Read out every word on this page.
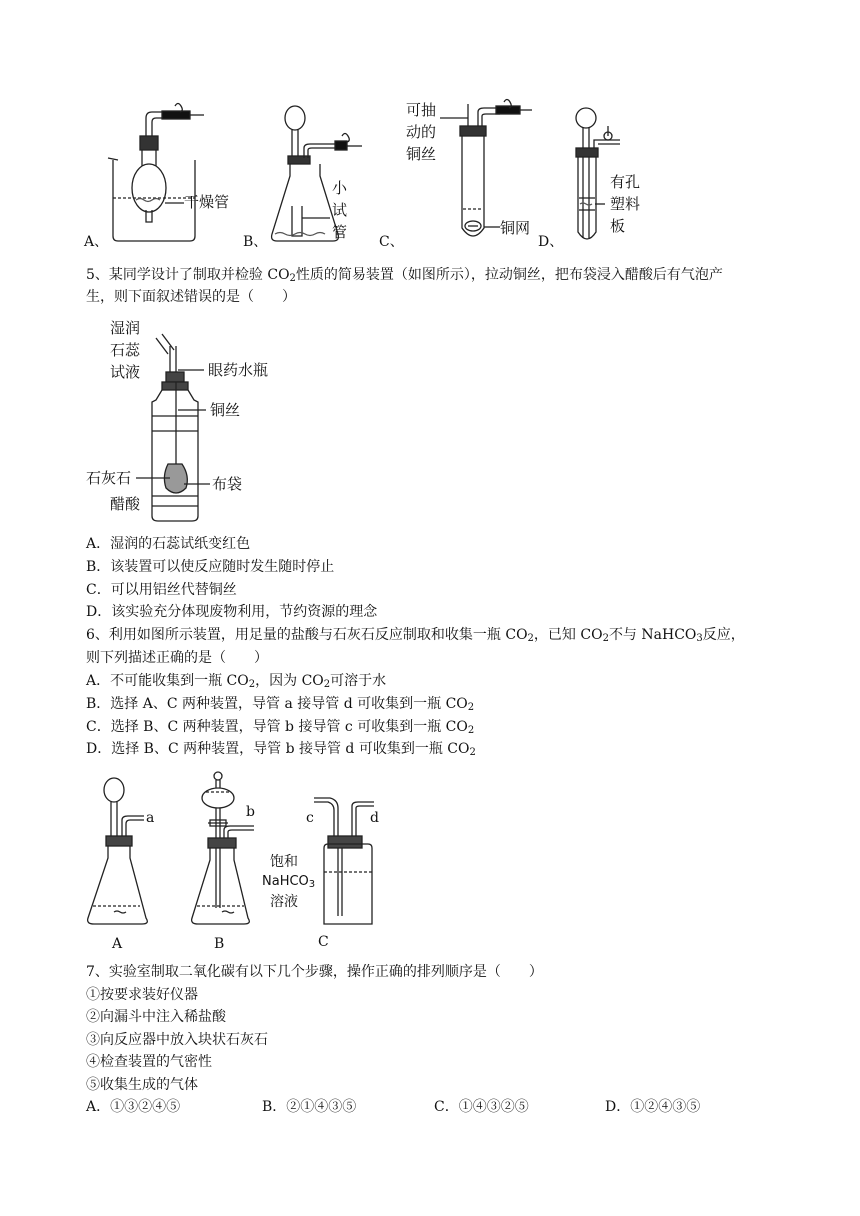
A、	B、	C、	D、
干燥管
小
试
管
可抽
动的
铜丝
铜网
有孔
塑料
板
5、某同学设计了制取并检验 $CO_2$性质的简易装置（如图所示），拉动铜丝，把布袋浸入醋酸后有气泡产
生，则下面叙述错误的是（　　）
湿润
石蕊
试液	眼药水瓶
铜丝
石灰石	布袋
醋酸
A．湿润的石蕊试纸变红色
B．该装置可以使反应随时发生随时停止
C．可以用铝丝代替铜丝
D．该实验充分体现废物利用，节约资源的理念
6、利用如图所示装置，用足量的盐酸与石灰石反应制取和收集一瓶 $CO_2$，已知 $CO_2$不与 NaHCO$_3$反应，
则下列描述正确的是（　　）
A．不可能收集到一瓶 $CO_2$，因为 $CO_2$可溶于水
B．选择 A、C 两种装置，导管 a 接导管 d 可收集到一瓶 $CO_2$
C．选择 B、C 两种装置，导管 b 接导管 c 可收集到一瓶 $CO_2$
D．选择 B、C 两种装置，导管 b 接导管 d 可收集到一瓶 $CO_2$
a	b	c	d
A	B	C
饱和
NaHCO$_3$
溶液
7、实验室制取二氧化碳有以下几个步骤，操作正确的排列顺序是（　　）
①按要求装好仪器
②向漏斗中注入稀盐酸
③向反应器中放入块状石灰石
④检查装置的气密性
⑤收集生成的气体
A．①③②④⑤	B．②①④③⑤	C．①④③②⑤	D．①②④③⑤
